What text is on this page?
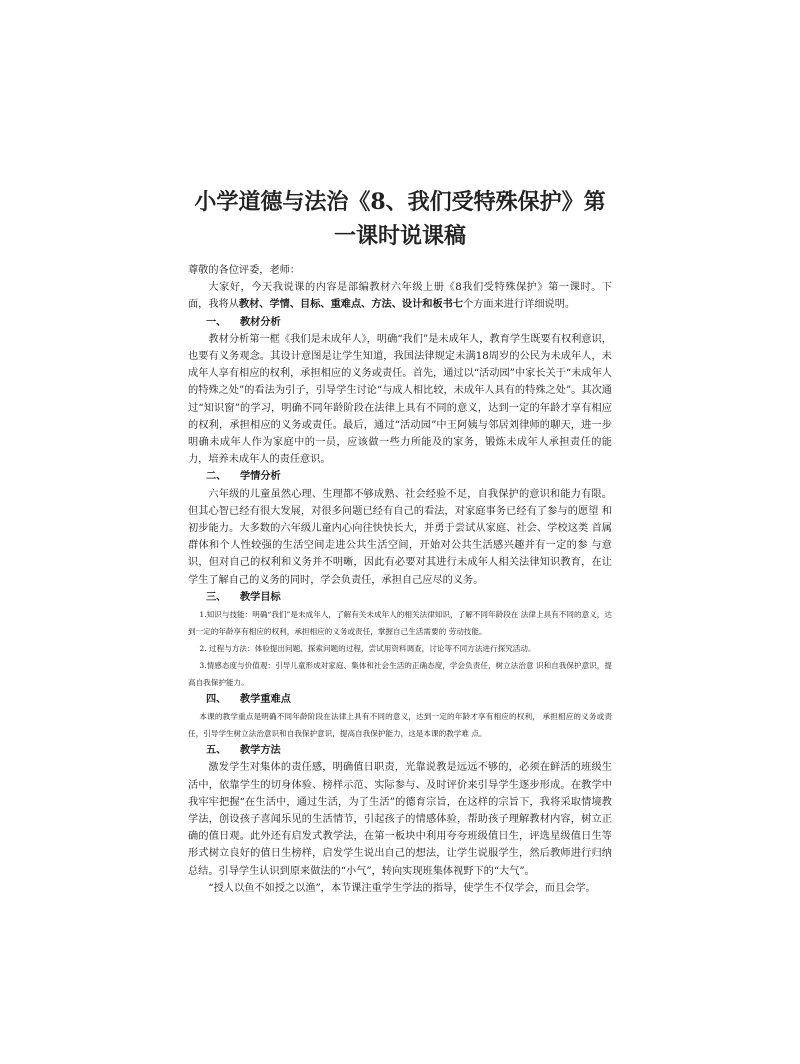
小学道德与法治《8、我们受特殊保护》第
一课时说课稿

尊敬的各位评委，老师：

大家好，今天我说课的内容是部编教材六年级上册《8我们受特殊保护》第一课时。下面，我将从教材、学情、目标、重难点、方法、设计和板书七个方面来进行详细说明。

一、 教材分析

教材分析第一框《我们是未成年人》，明确“我们”是未成年人，教育学生既要有权利意识，也要有义务观念。其设计意图是让学生知道，我国法律规定未满18周岁的公民为未成年人，未成年人享有相应的权利，承担相应的义务或责任。首先，通过以“活动园”中家长关于“未成年人的特殊之处”的看法为引子，引导学生讨论“与成人相比较，未成年人具有的特殊之处”。其次通过“知识窗”的学习，明确不同年龄阶段在法律上具有不同的意义，达到一定的年龄才享有相应的权利，承担相应的义务或责任。最后，通过“活动园”中王阿姨与邻居刘律师的聊天，进一步明确未成年人作为家庭中的一员，应该做一些力所能及的家务，锻炼未成年人承担责任的能力，培养未成年人的责任意识。

二、 学情分析

六年级的儿童虽然心理、生理都不够成熟、社会经验不足，自我保护的意识和能力有限。但其心智已经有很大发展，对很多问题已经有自己的看法，对家庭事务已经有了参与的愿望 和初步能力。大多数的六年级儿童内心向往快快长大，并勇于尝试从家庭、社会、学校这类 首属群体和个人性较强的生活空间走进公共生活空间，开始对公共生活感兴趣并有一定的参 与意识，但对自己的权利和义务并不明晰，因此有必要对其进行未成年人相关法律知识教育，在让学生了解自己的义务的同时，学会负责任，承担自己应尽的义务。

三、 教学目标

1.知识与技能：明确“我们”是未成年人，了解有关未成年人的相关法律知识，了解不同年龄段在 法律上具有不同的意义，达到一定的年龄享有相应的权利，承担相应的义务或责任，掌握自己生活需要的 劳动技能。

2. 过程与方法：体验提出问题、探索问题的过程，尝试用资料调查，讨论等不同方法进行探究活动。

3.情感态度与价值观：引导儿童形成对家庭、集体和社会生活的正确态度，学会负责任，树立法治意 识和自我保护意识，提高自我保护能力。

四、 教学重难点

本课的教学重点是明确不同年龄阶段在法律上具有不同的意义，达到一定的年龄才享有相应的权利， 承担相应的义务或责任，引导学生树立法治意识和自我保护意识，提高自我保护能力，这是本课的教学难 点。

五、 教学方法

激发学生对集体的责任感，明确值日职责，光靠说教是远远不够的，必须在鲜活的班级生活中，依靠学生的切身体验、榜样示范、实际参与、及时评价来引导学生逐步形成。在教学中我牢牢把握“在生活中，通过生活，为了生活”的德育宗旨，在这样的宗旨下，我将采取情境教学法，创设孩子喜闻乐见的生活情节，引起孩子的情感体验，帮助孩子理解教材内容，树立正确的值日观。此外还有启发式教学法，在第一板块中利用夸夸班级值日生，评选星级值日生等形式树立良好的值日生榜样，启发学生说出自己的想法，让学生说服学生，然后教师进行归纳总结。引导学生认识到原来做法的“小气”，转向实现班集体视野下的“大气”。

“授人以鱼不如授之以渔”，本节课注重学生学法的指导，使学生不仅学会，而且会学。
